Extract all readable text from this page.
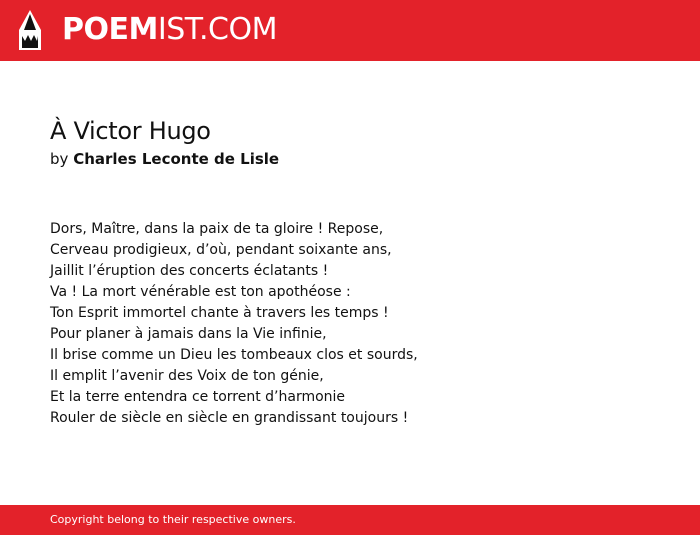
POEMIST.COM
À Victor Hugo
by Charles Leconte de Lisle
Dors, Maître, dans la paix de ta gloire ! Repose,
Cerveau prodigieux, d’où, pendant soixante ans,
Jaillit l’éruption des concerts éclatants !
Va ! La mort vénérable est ton apothéose :
Ton Esprit immortel chante à travers les temps !
Pour planer à jamais dans la Vie infinie,
Il brise comme un Dieu les tombeaux clos et sourds,
Il emplit l’avenir des Voix de ton génie,
Et la terre entendra ce torrent d’harmonie
Rouler de siècle en siècle en grandissant toujours !
Copyright belong to their respective owners.
